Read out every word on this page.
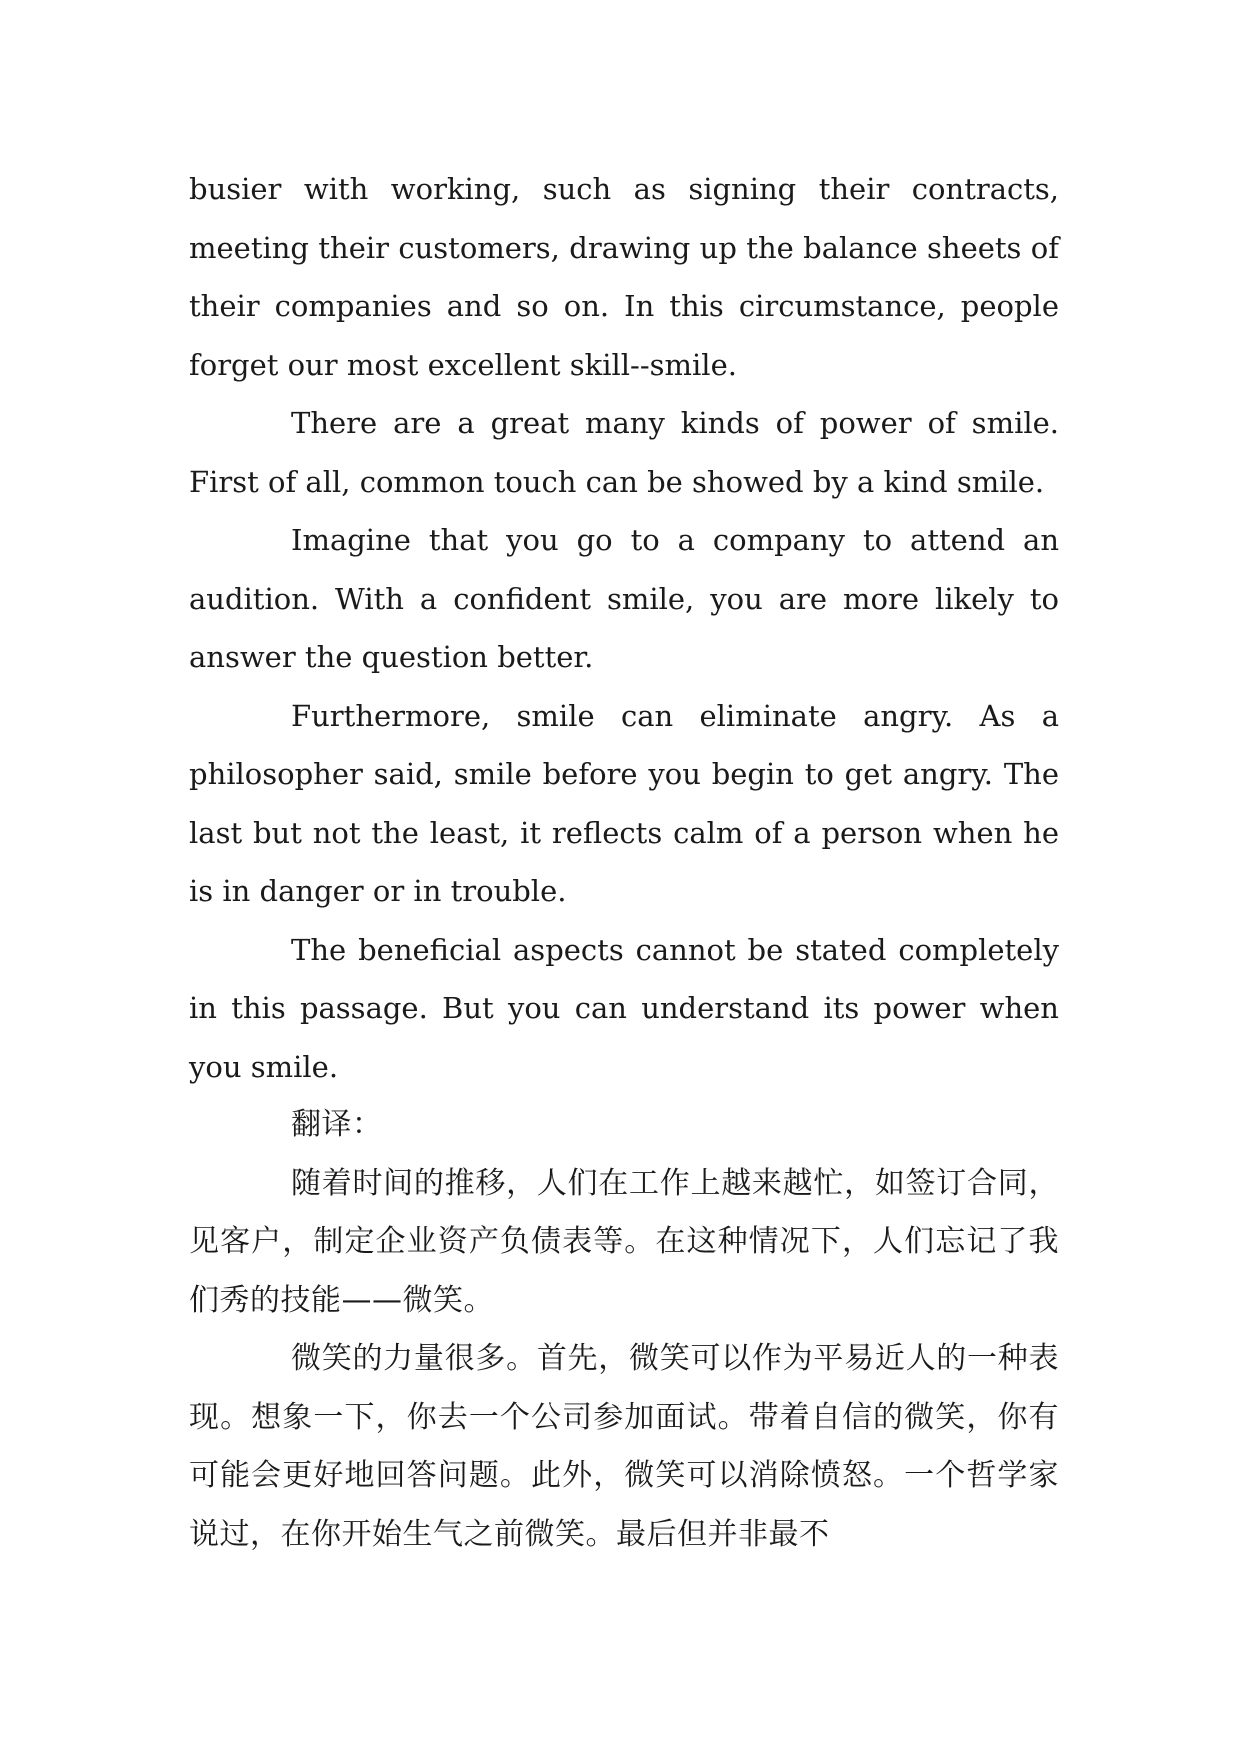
busier with working, such as signing their contracts, meeting their customers, drawing up the balance sheets of their companies and so on. In this circumstance, people forget our most excellent skill--smile.

There are a great many kinds of power of smile. First of all, common touch can be showed by a kind smile.

Imagine that you go to a company to attend an audition. With a confident smile, you are more likely to answer the question better.

Furthermore, smile can eliminate angry. As a philosopher said, smile before you begin to get angry. The last but not the least, it reflects calm of a person when he is in danger or in trouble.

The beneficial aspects cannot be stated completely in this passage. But you can understand its power when you smile.

翻译：

随着时间的推移，人们在工作上越来越忙，如签订合同，见客户，制定企业资产负债表等。在这种情况下，人们忘记了我们秀的技能——微笑。

微笑的力量很多。首先，微笑可以作为平易近人的一种表现。想象一下，你去一个公司参加面试。带着自信的微笑，你有可能会更好地回答问题。此外，微笑可以消除愤怒。一个哲学家说过，在你开始生气之前微笑。最后但并非最不
